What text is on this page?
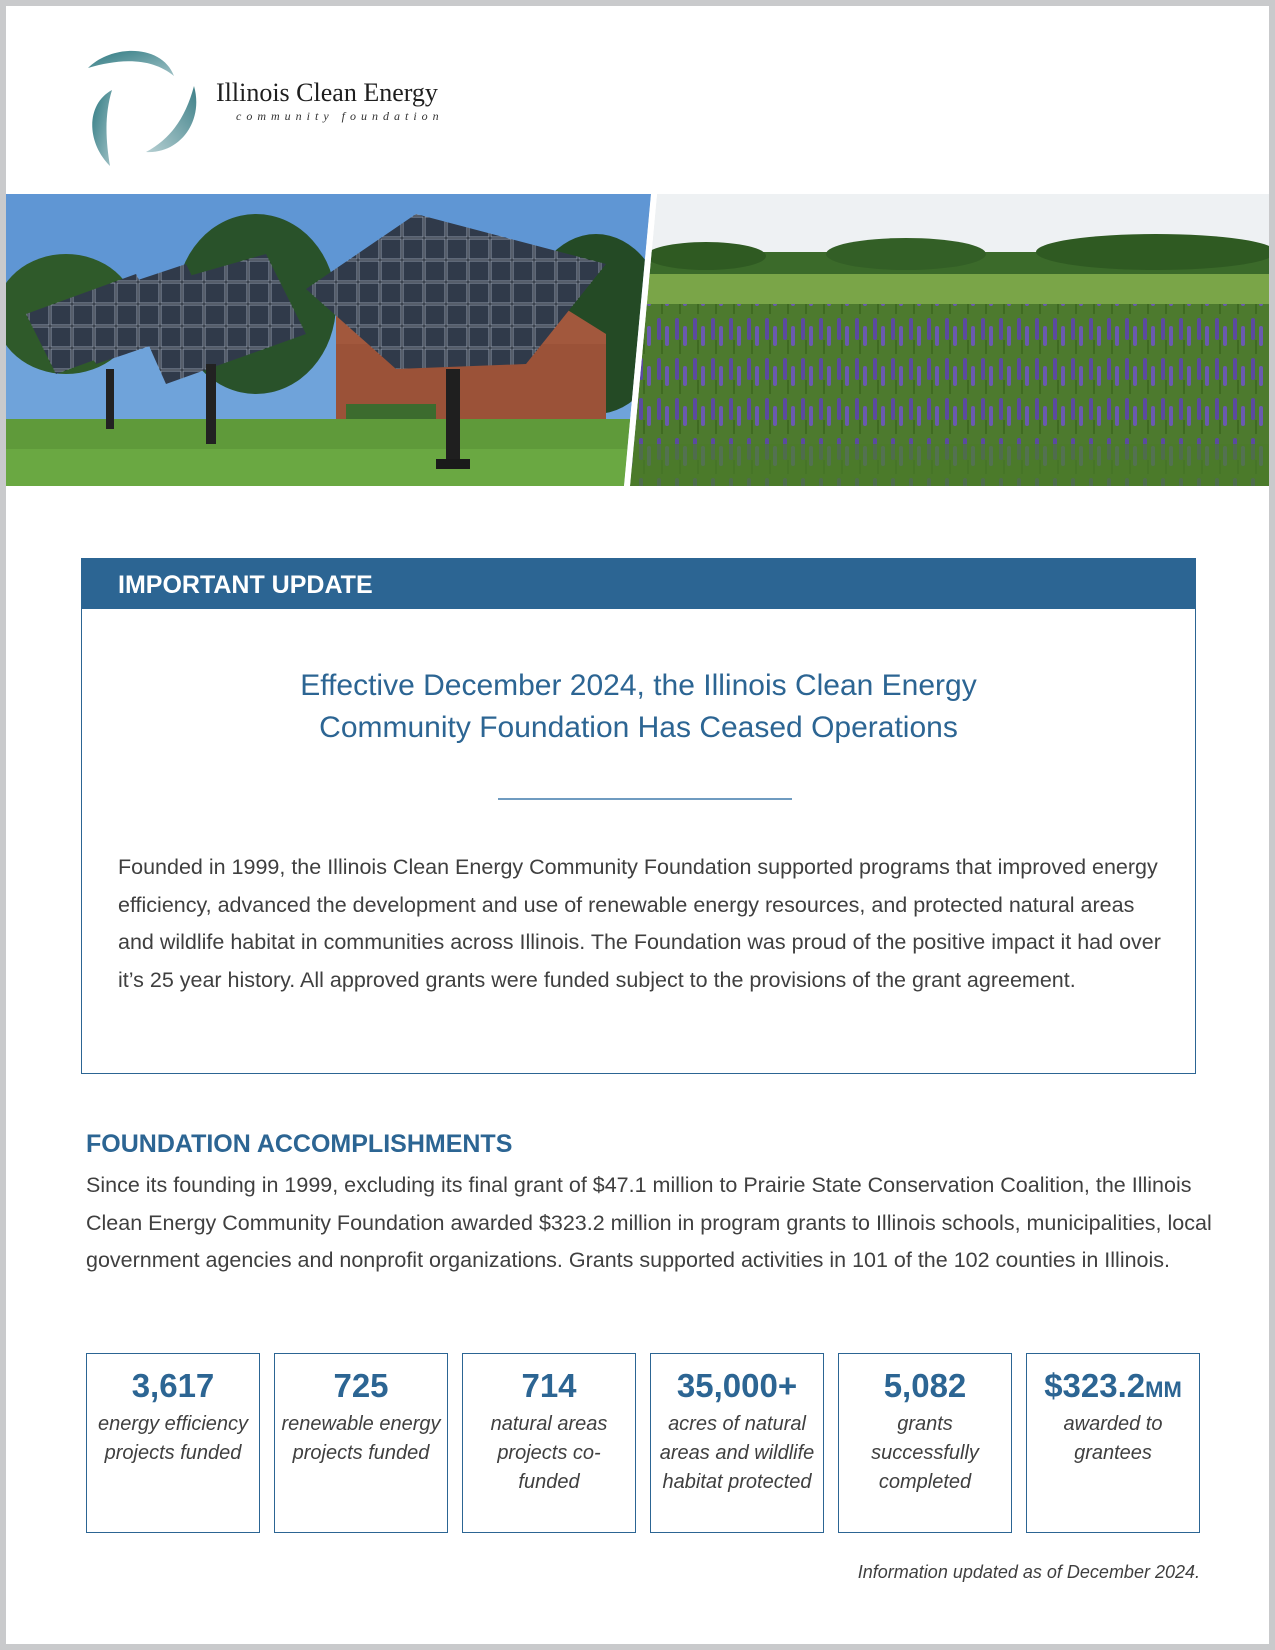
Illinois Clean Energy
community foundation
IMPORTANT UPDATE
Effective December 2024, the Illinois Clean Energy
Community Foundation Has Ceased Operations
Founded in 1999, the Illinois Clean Energy Community Foundation supported programs that improved energy efficiency, advanced the development and use of renewable energy resources, and protected natural areas and wildlife habitat in communities across Illinois. The Foundation was proud of the positive impact it had over it’s 25 year history. All approved grants were funded subject to the provisions of the grant agreement.
FOUNDATION ACCOMPLISHMENTS
Since its founding in 1999, excluding its final grant of $47.1 million to Prairie State Conservation Coalition, the Illinois Clean Energy Community Foundation awarded $323.2 million in program grants to Illinois schools, municipalities, local government agencies and nonprofit organizations. Grants supported activities in 101 of the 102 counties in Illinois.
3,617
energy efficiency projects funded
725
renewable energy projects funded
714
natural areas projects co-funded
35,000+
acres of natural areas and wildlife habitat protected
5,082
grants successfully completed
$323.2MM
awarded to grantees
Information updated as of December 2024.
